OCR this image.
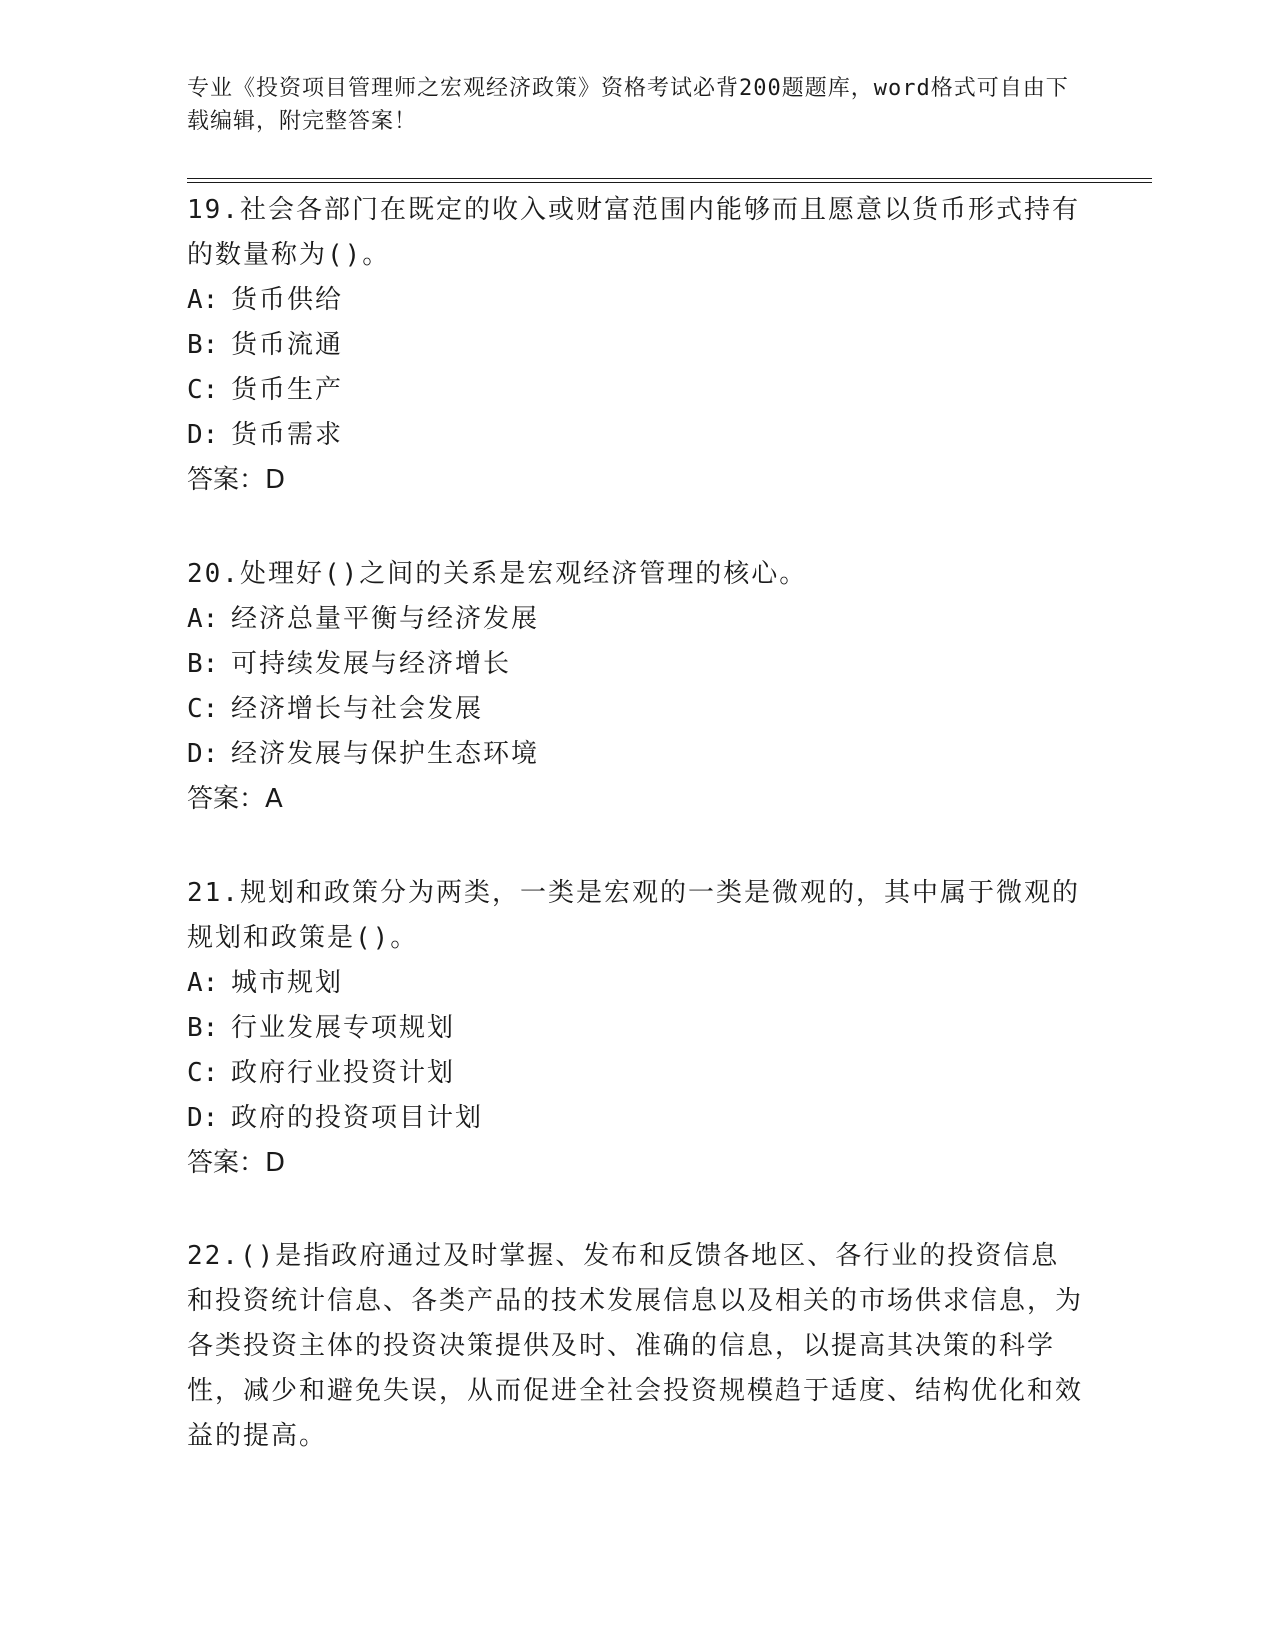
专业《投资项目管理师之宏观经济政策》资格考试必背200题题库，word格式可自由下载编辑，附完整答案！

19.社会各部门在既定的收入或财富范围内能够而且愿意以货币形式持有的数量称为()。

A: 货币供给

B: 货币流通

C: 货币生产

D: 货币需求

答案：D

20.处理好()之间的关系是宏观经济管理的核心。

A: 经济总量平衡与经济发展

B: 可持续发展与经济增长

C: 经济增长与社会发展

D: 经济发展与保护生态环境

答案：A

21.规划和政策分为两类，一类是宏观的一类是微观的，其中属于微观的规划和政策是()。

A: 城市规划

B: 行业发展专项规划

C: 政府行业投资计划

D: 政府的投资项目计划

答案：D

22.()是指政府通过及时掌握、发布和反馈各地区、各行业的投资信息和投资统计信息、各类产品的技术发展信息以及相关的市场供求信息，为各类投资主体的投资决策提供及时、准确的信息，以提高其决策的科学性，减少和避免失误，从而促进全社会投资规模趋于适度、结构优化和效益的提高。
